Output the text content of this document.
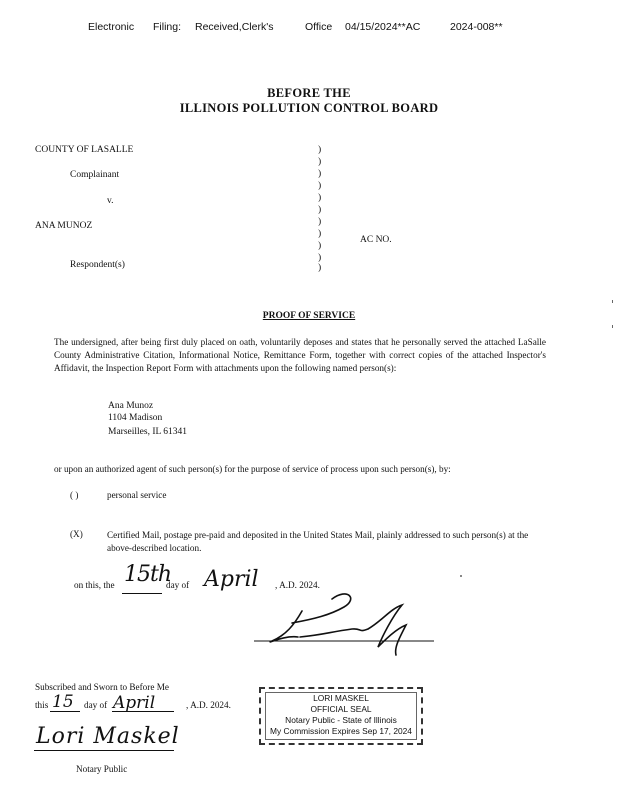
Electronic Filing: Received,Clerk's	Office 04/15/2024**AC	2024-008**
BEFORE THE
ILLINOIS POLLUTION CONTROL BOARD
COUNTY OF LASALLE
Complainant
v.
ANA MUNOZ
Respondent(s)
)
)
)
)
)
)
)
)
)
)
)
AC NO.
PROOF OF SERVICE
The undersigned, after being first duly placed on oath, voluntarily deposes and states that he personally served the attached LaSalle County Administrative Citation, Informational Notice, Remittance Form, together with correct copies of the attached Inspector's Affidavit, the Inspection Report Form with attachments upon the following named person(s):
Ana Munoz
1104 Madison
Marseilles, IL 61341
or upon an authorized agent of such person(s) for the purpose of service of process upon such person(s), by:
( )	personal service
(X)	Certified Mail, postage pre-paid and deposited in the United States Mail, plainly addressed to such person(s) at the above-described location.
on this, the 15th
day of April , A.D. 2024.
Subscribed and Sworn to Before Me
this 15 day of April	, A.D. 2024.
Lori Maskel
Notary Public
LORI MASKEL
OFFICIAL SEAL
Notary Public - State of Illinois
My Commission Expires Sep 17, 2024
